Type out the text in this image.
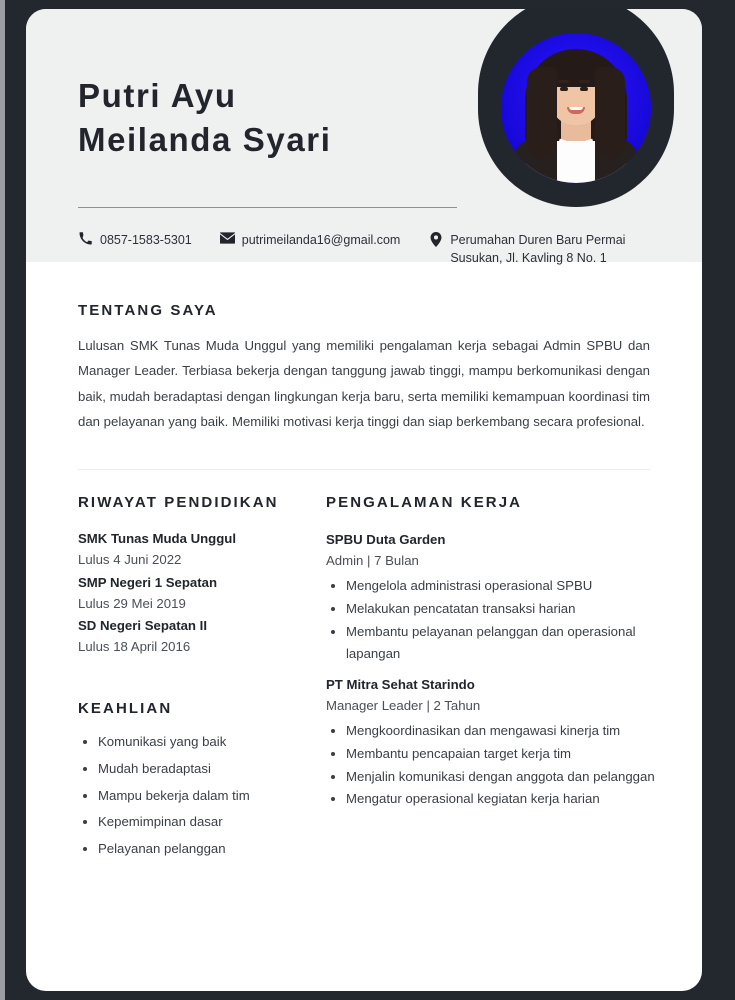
Putri Ayu
Meilanda Syari
0857-1583-5301	putrimeilanda16@gmail.com	Perumahan Duren Baru Permai
Susukan, Jl. Kavling 8 No. 1
TENTANG SAYA
Lulusan SMK Tunas Muda Unggul yang memiliki pengalaman kerja sebagai Admin SPBU dan Manager Leader. Terbiasa bekerja dengan tanggung jawab tinggi, mampu berkomunikasi dengan baik, mudah beradaptasi dengan lingkungan kerja baru, serta memiliki kemampuan koordinasi tim dan pelayanan yang baik. Memiliki motivasi kerja tinggi dan siap berkembang secara profesional.
RIWAYAT PENDIDIKAN
SMK Tunas Muda Unggul
Lulus 4 Juni 2022
SMP Negeri 1 Sepatan
Lulus 29 Mei 2019
SD Negeri Sepatan II
Lulus 18 April 2016
KEAHLIAN
Komunikasi yang baik
Mudah beradaptasi
Mampu bekerja dalam tim
Kepemimpinan dasar
Pelayanan pelanggan
PENGALAMAN KERJA
SPBU Duta Garden
Admin | 7 Bulan
Mengelola administrasi operasional SPBU
Melakukan pencatatan transaksi harian
Membantu pelayanan pelanggan dan operasional lapangan
PT Mitra Sehat Starindo
Manager Leader | 2 Tahun
Mengkoordinasikan dan mengawasi kinerja tim
Membantu pencapaian target kerja tim
Menjalin komunikasi dengan anggota dan pelanggan
Mengatur operasional kegiatan kerja harian
